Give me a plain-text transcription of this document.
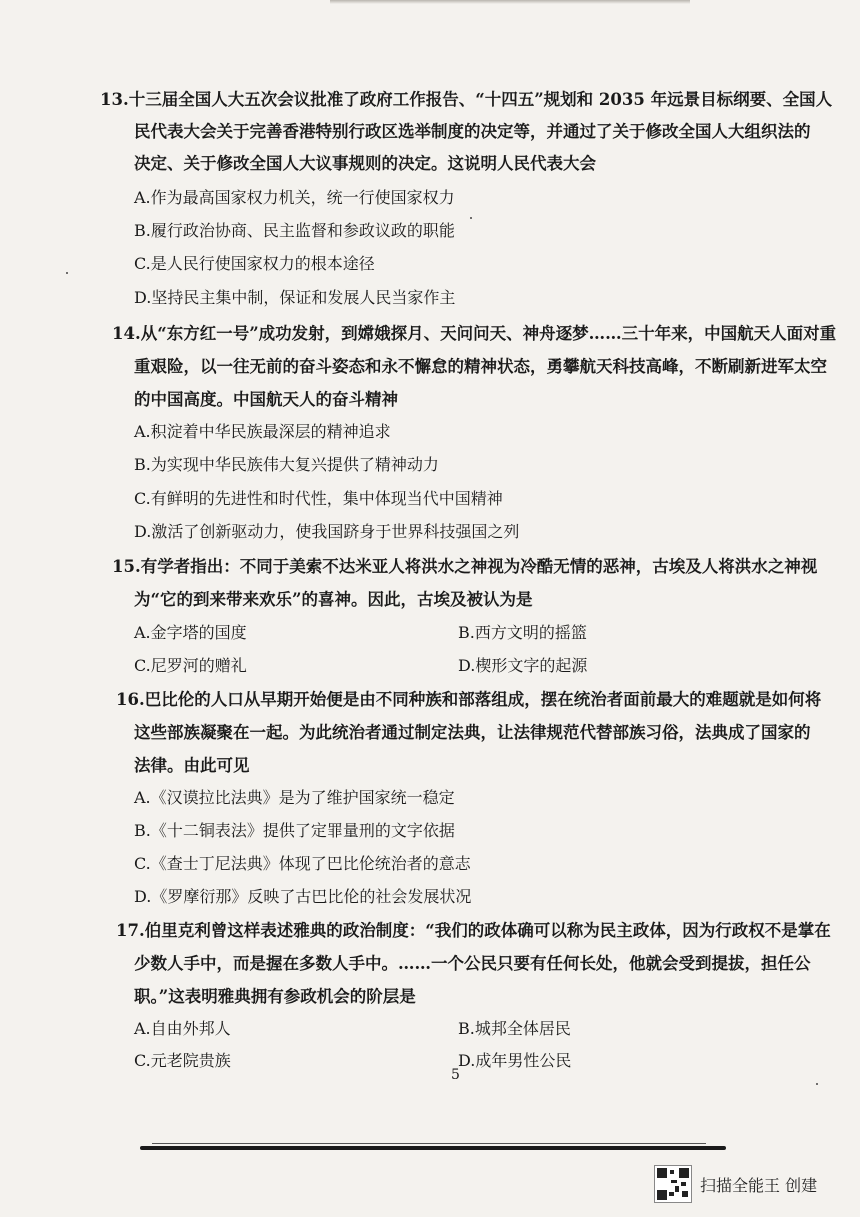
13.十三届全国人大五次会议批准了政府工作报告、“十四五”规划和 2035 年远景目标纲要、全国人
民代表大会关于完善香港特别行政区选举制度的决定等，并通过了关于修改全国人大组织法的
决定、关于修改全国人大议事规则的决定。这说明人民代表大会
A.作为最高国家权力机关，统一行使国家权力
B.履行政治协商、民主监督和参政议政的职能
C.是人民行使国家权力的根本途径
D.坚持民主集中制，保证和发展人民当家作主
14.从“东方红一号”成功发射，到嫦娥探月、天问问天、神舟逐梦……三十年来，中国航天人面对重
重艰险，以一往无前的奋斗姿态和永不懈怠的精神状态，勇攀航天科技高峰，不断刷新进军太空
的中国高度。中国航天人的奋斗精神
A.积淀着中华民族最深层的精神追求
B.为实现中华民族伟大复兴提供了精神动力
C.有鲜明的先进性和时代性，集中体现当代中国精神
D.激活了创新驱动力，使我国跻身于世界科技强国之列
15.有学者指出：不同于美索不达米亚人将洪水之神视为冷酷无情的恶神，古埃及人将洪水之神视
为“它的到来带来欢乐”的喜神。因此，古埃及被认为是
A.金字塔的国度	B.西方文明的摇篮
C.尼罗河的赠礼	D.楔形文字的起源
16.巴比伦的人口从早期开始便是由不同种族和部落组成，摆在统治者面前最大的难题就是如何将
这些部族凝聚在一起。为此统治者通过制定法典，让法律规范代替部族习俗，法典成了国家的
法律。由此可见
A.《汉谟拉比法典》是为了维护国家统一稳定
B.《十二铜表法》提供了定罪量刑的文字依据
C.《查士丁尼法典》体现了巴比伦统治者的意志
D.《罗摩衍那》反映了古巴比伦的社会发展状况
17.伯里克利曾这样表述雅典的政治制度：“我们的政体确可以称为民主政体，因为行政权不是掌在
少数人手中，而是握在多数人手中。……一个公民只要有任何长处，他就会受到提拔，担任公
职。”这表明雅典拥有参政机会的阶层是
A.自由外邦人	B.城邦全体居民
C.元老院贵族	D.成年男性公民
5
扫描全能王 创建
